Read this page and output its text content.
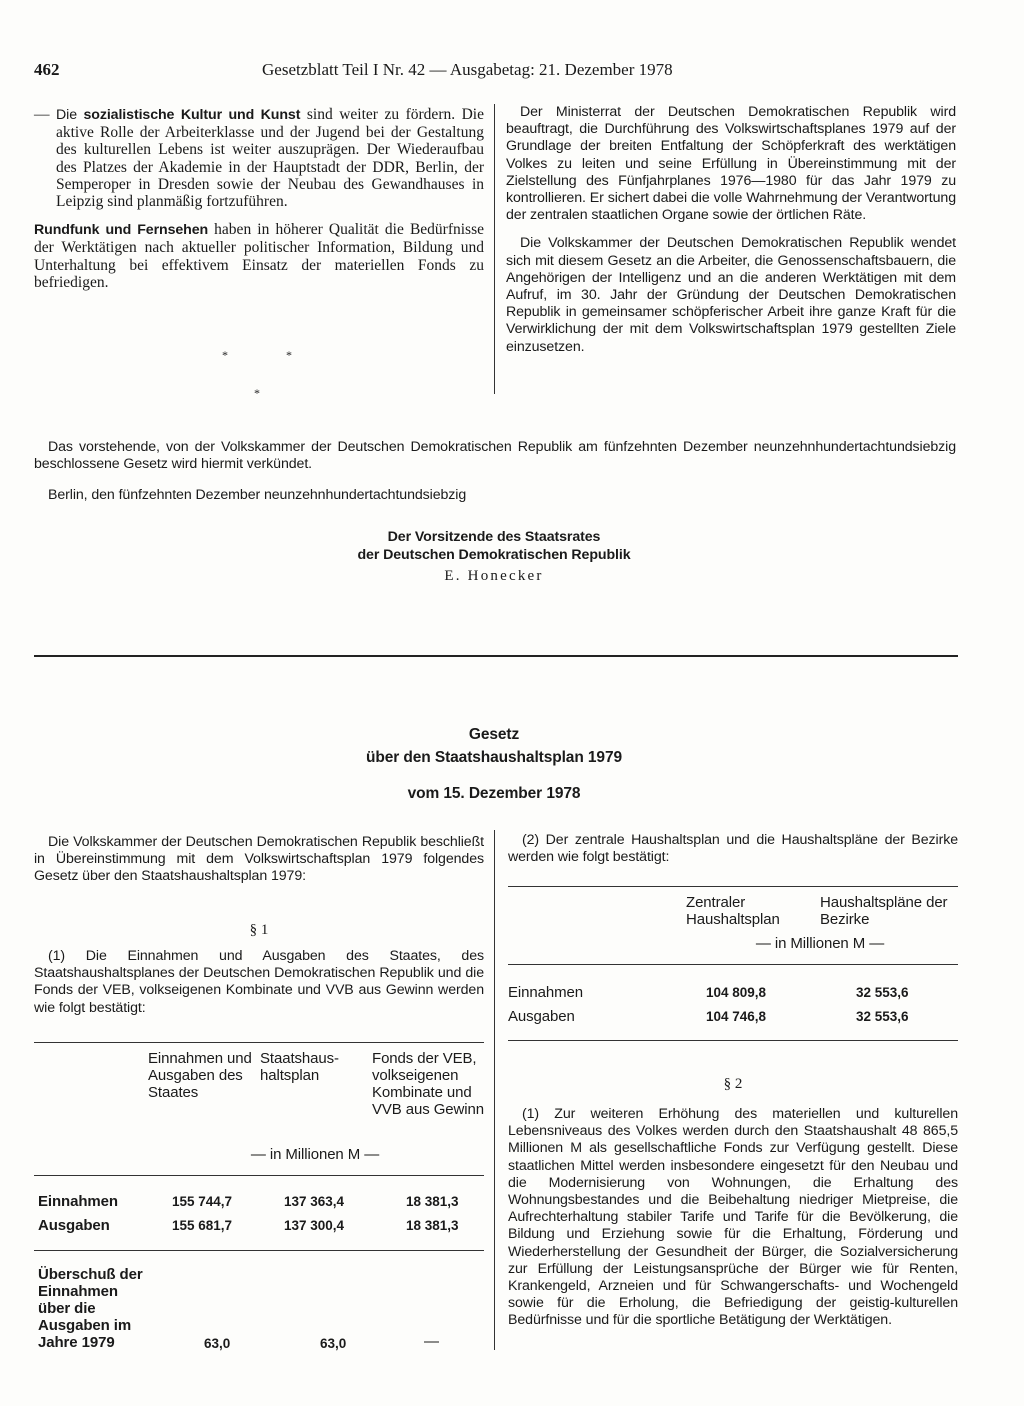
462	Gesetzblatt Teil I Nr. 42 — Ausgabetag: 21. Dezember 1978
— Die sozialistische Kultur und Kunst sind weiter zu fördern. Die aktive Rolle der Arbeiterklasse und der Jugend bei der Gestaltung des kulturellen Lebens ist weiter auszuprägen. Der Wiederaufbau des Platzes der Akademie in der Hauptstadt der DDR, Berlin, der Semperoper in Dresden sowie der Neubau des Gewandhauses in Leipzig sind planmäßig fortzuführen.
Rundfunk und Fernsehen haben in höherer Qualität die Bedürfnisse der Werktätigen nach aktueller politischer Information, Bildung und Unterhaltung bei effektivem Einsatz der materiellen Fonds zu befriedigen.
*	*
*

Der Ministerrat der Deutschen Demokratischen Republik wird beauftragt, die Durchführung des Volkswirtschaftsplanes 1979 auf der Grundlage der breiten Entfaltung der Schöpferkraft des werktätigen Volkes zu leiten und seine Erfüllung in Übereinstimmung mit der Zielstellung des Fünfjahrplanes 1976—1980 für das Jahr 1979 zu kontrollieren. Er sichert dabei die volle Wahrnehmung der Verantwortung der zentralen staatlichen Organe sowie der örtlichen Räte.

Die Volkskammer der Deutschen Demokratischen Republik wendet sich mit diesem Gesetz an die Arbeiter, die Genossenschaftsbauern, die Angehörigen der Intelligenz und an die anderen Werktätigen mit dem Aufruf, im 30. Jahr der Gründung der Deutschen Demokratischen Republik in gemeinsamer schöpferischer Arbeit ihre ganze Kraft für die Verwirklichung der mit dem Volkswirtschaftsplan 1979 gestellten Ziele einzusetzen.

Das vorstehende, von der Volkskammer der Deutschen Demokratischen Republik am fünfzehnten Dezember neunzehnhundertachtundsiebzig beschlossene Gesetz wird hiermit verkündet.

Berlin, den fünfzehnten Dezember neunzehnhundertachtundsiebzig

Der Vorsitzende des Staatsrates
der Deutschen Demokratischen Republik
E. Honecker
Gesetz
über den Staatshaushaltsplan 1979
vom 15. Dezember 1978

Die Volkskammer der Deutschen Demokratischen Republik beschließt in Übereinstimmung mit dem Volkswirtschaftsplan 1979 folgendes Gesetz über den Staatshaushaltsplan 1979:

§ 1

(1) Die Einnahmen und Ausgaben des Staates, des Staatshaushaltsplanes der Deutschen Demokratischen Republik und die Fonds der VEB, volkseigenen Kombinate und VVB aus Gewinn werden wie folgt bestätigt:

Einnahmen und Ausgaben des Staates
Staatshaus-haltsplan
Fonds der VEB, volkseigenen Kombinate und VVB aus Gewinn
— in Millionen M —
Einnahmen	155 744,7	137 363,4	18 381,3
Ausgaben	155 681,7	137 300,4	18 381,3
Überschuß der Einnahmen über die Ausgaben im Jahre 1979	63,0	63,0	—

(2) Der zentrale Haushaltsplan und die Haushaltspläne der Bezirke werden wie folgt bestätigt:

Zentraler Haushaltsplan
Haushaltspläne der Bezirke
— in Millionen M —
Einnahmen	104 809,8	32 553,6
Ausgaben	104 746,8	32 553,6
§ 2

(1) Zur weiteren Erhöhung des materiellen und kulturellen Lebensniveaus des Volkes werden durch den Staatshaushalt 48 865,5 Millionen M als gesellschaftliche Fonds zur Verfügung gestellt. Diese staatlichen Mittel werden insbesondere eingesetzt für den Neubau und die Modernisierung von Wohnungen, die Erhaltung des Wohnungsbestandes und die Beibehaltung niedriger Mietpreise, die Aufrechterhaltung stabiler Tarife und Tarife für die Bevölkerung, die Bildung und Erziehung sowie für die Erhaltung, Förderung und Wiederherstellung der Gesundheit der Bürger, die Sozialversicherung zur Erfüllung der Leistungsansprüche der Bürger wie für Renten, Krankengeld, Arzneien und für Schwangerschafts- und Wochengeld sowie für die Erholung, die Befriedigung der geistig-kulturellen Bedürfnisse und für die sportliche Betätigung der Werktätigen.
